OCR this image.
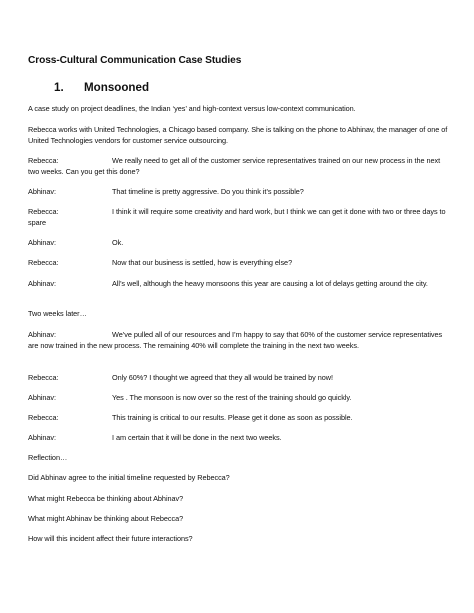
Cross-Cultural Communication Case Studies
1. Monsooned
A case study on project deadlines, the Indian ‘yes’ and high-context versus low-context communication.
Rebecca works with United Technologies, a Chicago based company. She is talking on the phone to Abhinav, the manager of one of United Technologies vendors for customer service outsourcing.
Rebecca:	We really need to get all of the customer service representatives trained on our new process in the next two weeks. Can you get this done?
Abhinav:	That timeline is pretty aggressive. Do you think it’s possible?
Rebecca:	I think it will require some creativity and hard work, but I think we can get it done with two or three days to spare
Abhinav:	Ok.
Rebecca:	Now that our business is settled, how is everything else?
Abhinav:	All’s well, although the heavy monsoons this year are causing a lot of delays getting around the city.
Two weeks later…
Abhinav:	We’ve pulled all of our resources and I’m happy to say that 60% of the customer service representatives are now trained in the new process. The remaining 40% will complete the training in the next two weeks.
Rebecca:	Only 60%? I thought we agreed that they all would be trained by now!
Abhinav:	Yes . The monsoon is now over so the rest of the training should go quickly.
Rebecca:	This training is critical to our results. Please get it done as soon as possible.
Abhinav:	I am certain that it will be done in the next two weeks.
Reflection…
Did Abhinav agree to the initial timeline requested by Rebecca?
What might Rebecca be thinking about Abhinav?
What might Abhinav be thinking about Rebecca?
How will this incident affect their future interactions?
